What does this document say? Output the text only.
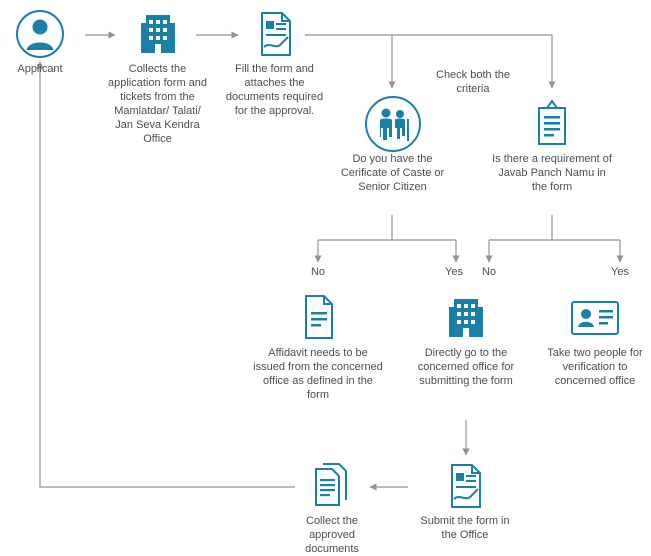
Applicant	Collects the application form and tickets from the Mamlatdar/ Talati/ Jan Seva Kendra Office
Fill the form and attaches the documents required for the approval.
Check both the criteria
Do you have the Cerificate of Caste or Senior Citizen
Is there a requirement of Javab Panch Namu in the form
No	Yes	No	Yes
Affidavit needs to be issued from the concerned office as defined in the form
Directly go to the concerned office for submitting the form
Take two people for verification to concerned office
Submit the form in the Office
Collect the approved documents
